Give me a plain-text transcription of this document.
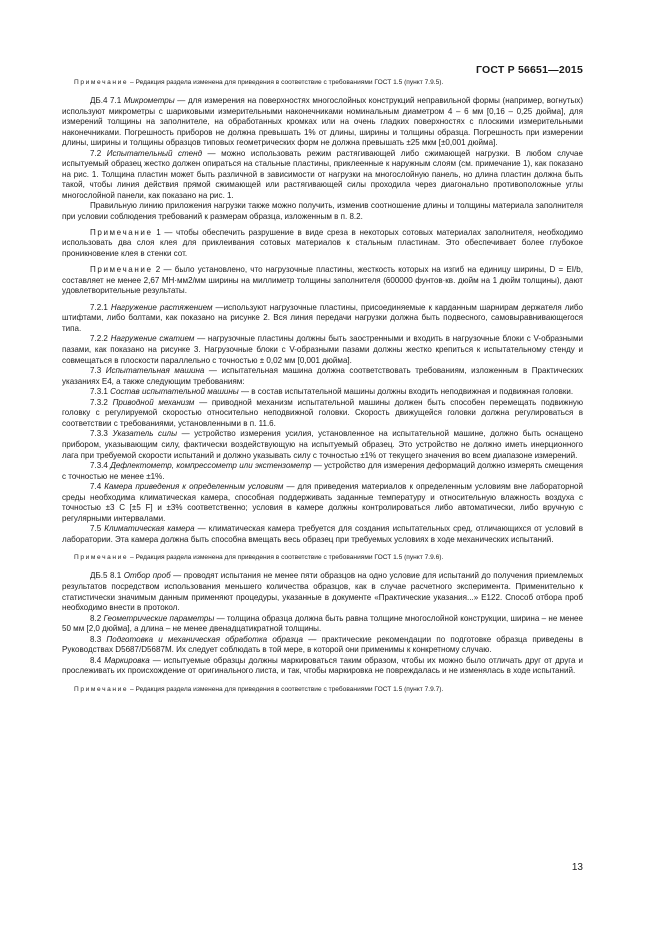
ГОСТ Р 56651—2015

Примечание – Редакция раздела изменена для приведения в соответствие с требованиями ГОСТ 1.5 (пункт 7.9.5).

ДБ.4 7.1 Микрометры — для измерения на поверхностях многослойных конструкций неправильной формы (например, вогнутых) используют микрометры с шариковыми измерительными наконечниками номинальным диаметром 4 – 6 мм [0,16 – 0,25 дюйма], для измерений толщины на заполнителе, на обработанных кромках или на очень гладких поверхностях с плоскими измерительными наконечниками. Погрешность приборов не должна превышать 1% от длины, ширины и толщины образца. Погрешность при измерении длины, ширины и толщины образцов типовых геометрических форм не должна превышать ±25 мкм [±0,001 дюйма].

7.2 Испытательный стенд — можно использовать режим растягивающей либо сжимающей нагрузки. В любом случае испытуемый образец жестко должен опираться на стальные пластины, приклеенные к наружным слоям (см. примечание 1), как показано на рис. 1. Толщина пластин может быть различной в зависимости от нагрузки на многослойную панель, но длина пластин должна быть такой, чтобы линия действия прямой сжимающей или растягивающей силы проходила через диагонально противоположные углы многослойной панели, как показано на рис. 1.

Правильную линию приложения нагрузки также можно получить, изменив соотношение длины и толщины материала заполнителя при условии соблюдения требований к размерам образца, изложенным в п. 8.2.

Примечание 1 — чтобы обеспечить разрушение в виде среза в некоторых сотовых материалах заполнителя, необходимо использовать два слоя клея для приклеивания сотовых материалов к стальным пластинам. Это обеспечивает более глубокое проникновение клея в стенки сот.

Примечание 2 — было установлено, что нагрузочные пластины, жесткость которых на изгиб на единицу ширины, D = EI/b, составляет не менее 2,67 МН·мм2/мм ширины на миллиметр толщины заполнителя (600000 фунтов·кв. дюйм на 1 дюйм толщины), дают удовлетворительные результаты.

7.2.1 Нагружение растяжением —используют нагрузочные пластины, присоединяемые к карданным шарнирам держателя либо штифтами, либо болтами, как показано на рисунке 2. Вся линия передачи нагрузки должна быть подвесного, самовыравнивающегося типа.

7.2.2 Нагружение сжатием — нагрузочные пластины должны быть заостренными и входить в нагрузочные блоки с V-образными пазами, как показано на рисунке 3. Нагрузочные блоки с V-образными пазами должны жестко крепиться к испытательному стенду и совмещаться в плоскости параллельно с точностью ± 0,02 мм [0,001 дюйма].

7.3 Испытательная машина — испытательная машина должна соответствовать требованиям, изложенным в Практических указаниях E4, а также следующим требованиям:

7.3.1 Состав испытательной машины — в состав испытательной машины должны входить неподвижная и подвижная головки.

7.3.2 Приводной механизм — приводной механизм испытательной машины должен быть способен перемещать подвижную головку с регулируемой скоростью относительно неподвижной головки. Скорость движущейся головки должна регулироваться в соответствии с требованиями, установленными в п. 11.6.

7.3.3 Указатель силы — устройство измерения усилия, установленное на испытательной машине, должно быть оснащено прибором, указывающим силу, фактически воздействующую на испытуемый образец. Это устройство не должно иметь инерционного лага при требуемой скорости испытаний и должно указывать силу с точностью ±1% от текущего значения во всем диапазоне измерений.

7.3.4 Дефлектометр, компрессометр или экстензометр — устройство для измерения деформаций должно измерять смещения с точностью не менее ±1%.

7.4 Камера приведения к определенным условиям — для приведения материалов к определенным условиям вне лабораторной среды необходима климатическая камера, способная поддерживать заданные температуру и относительную влажность воздуха с точностью ±3 С [±5 F] и ±3% соответственно; условия в камере должны контролироваться либо автоматически, либо вручную с регулярными интервалами.

7.5 Климатическая камера — климатическая камера требуется для создания испытательных сред, отличающихся от условий в лаборатории. Эта камера должна быть способна вмещать весь образец при требуемых условиях в ходе механических испытаний.

Примечание – Редакция раздела изменена для приведения в соответствие с требованиями ГОСТ 1.5 (пункт 7.9.6).

ДБ.5 8.1 Отбор проб — проводят испытания не менее пяти образцов на одно условие для испытаний до получения приемлемых результатов посредством использования меньшего количества образцов, как в случае расчетного эксперимента. Применительно к статистически значимым данным применяют процедуры, указанные в документе «Практические указания...» E122. Способ отбора проб необходимо внести в протокол.

8.2 Геометрические параметры — толщина образца должна быть равна толщине многослойной конструкции, ширина – не менее 50 мм [2,0 дюйма], а длина – не менее двенадцатикратной толщины.

8.3 Подготовка и механическая обработка образца — практические рекомендации по подготовке образца приведены в Руководствах D5687/D5687M. Их следует соблюдать в той мере, в которой они применимы к конкретному случаю.

8.4 Маркировка — испытуемые образцы должны маркироваться таким образом, чтобы их можно было отличать друг от друга и прослеживать их происхождение от оригинального листа, и так, чтобы маркировка не повреждалась и не изменялась в ходе испытаний.

Примечание – Редакция раздела изменена для приведения в соответствие с требованиями ГОСТ 1.5 (пункт 7.9.7).

13
